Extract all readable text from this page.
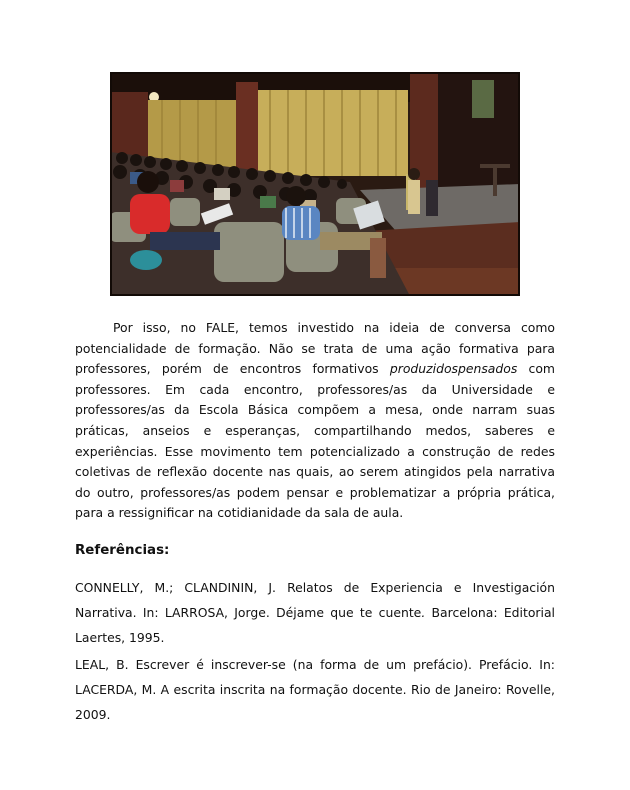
Por isso, no FALE, temos investido na ideia de conversa como potencialidade de formação. Não se trata de uma ação formativa para professores, porém de encontros formativos produzidospensados com professores. Em cada encontro, professores/as da Universidade e professores/as da Escola Básica compõem a mesa, onde narram suas práticas, anseios e esperanças, compartilhando medos, saberes e experiências. Esse movimento tem potencializado a construção de redes coletivas de reflexão docente nas quais, ao serem atingidos pela narrativa do outro, professores/as podem pensar e problematizar a própria prática, para a ressignificar na cotidianidade da sala de aula.

Referências:

CONNELLY, M.; CLANDININ, J. Relatos de Experiencia e Investigación Narrativa. In: LARROSA, Jorge. Déjame que te cuente. Barcelona: Editorial Laertes, 1995.

LEAL, B. Escrever é inscrever-se (na forma de um prefácio). Prefácio. In: LACERDA, M. A escrita inscrita na formação docente. Rio de Janeiro: Rovelle, 2009.
